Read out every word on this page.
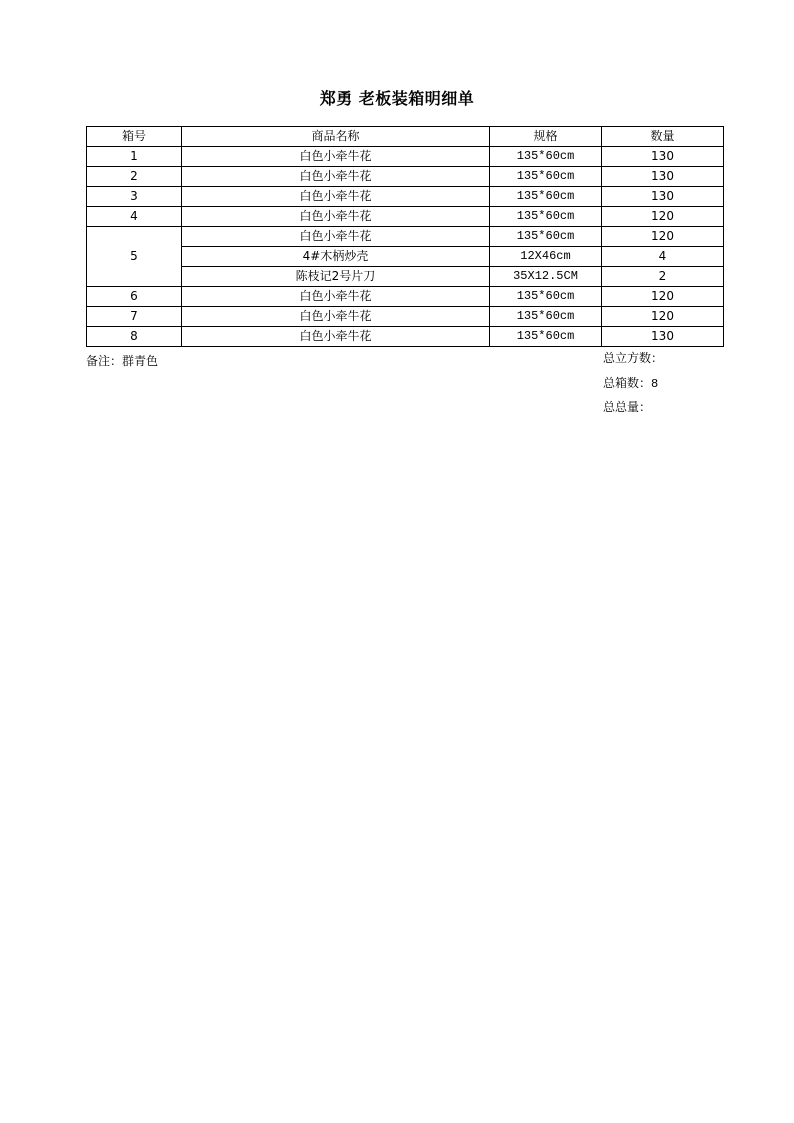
郑勇 老板装箱明细单
箱号	商品名称	规格	数量
1	白色小牵牛花	135*60cm	130
2	白色小牵牛花	135*60cm	130
3	白色小牵牛花	135*60cm	130
4	白色小牵牛花	135*60cm	120
5	白色小牵牛花	135*60cm	120
	4#木柄炒壳	12X46cm	4
	陈枝记2号片刀	35X12.5CM	2
6	白色小牵牛花	135*60cm	120
7	白色小牵牛花	135*60cm	120
8	白色小牵牛花	135*60cm	130
备注：群青色	总立方数：
总箱数：8
总总量：
